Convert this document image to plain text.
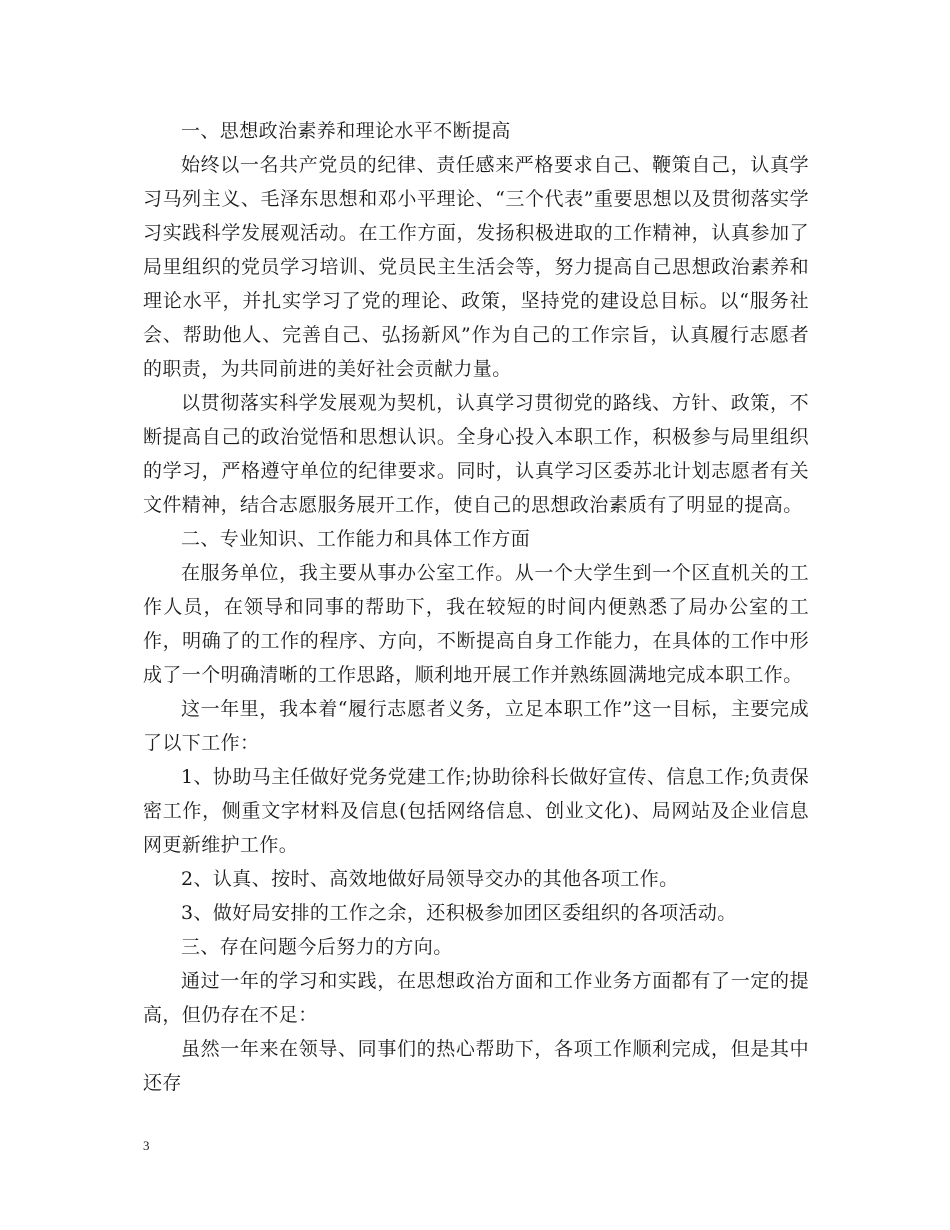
一、思想政治素养和理论水平不断提高

始终以一名共产党员的纪律、责任感来严格要求自己、鞭策自己，认真学习马列主义、毛泽东思想和邓小平理论、“三个代表”重要思想以及贯彻落实学习实践科学发展观活动。在工作方面，发扬积极进取的工作精神，认真参加了局里组织的党员学习培训、党员民主生活会等，努力提高自己思想政治素养和理论水平，并扎实学习了党的理论、政策，坚持党的建设总目标。以“服务社会、帮助他人、完善自己、弘扬新风”作为自己的工作宗旨，认真履行志愿者的职责，为共同前进的美好社会贡献力量。

以贯彻落实科学发展观为契机，认真学习贯彻党的路线、方针、政策，不断提高自己的政治觉悟和思想认识。全身心投入本职工作，积极参与局里组织的学习，严格遵守单位的纪律要求。同时，认真学习区委苏北计划志愿者有关文件精神，结合志愿服务展开工作，使自己的思想政治素质有了明显的提高。

二、专业知识、工作能力和具体工作方面

在服务单位，我主要从事办公室工作。从一个大学生到一个区直机关的工作人员，在领导和同事的帮助下，我在较短的时间内便熟悉了局办公室的工作，明确了的工作的程序、方向，不断提高自身工作能力，在具体的工作中形成了一个明确清晰的工作思路，顺利地开展工作并熟练圆满地完成本职工作。

这一年里，我本着“履行志愿者义务，立足本职工作”这一目标，主要完成了以下工作：

1、协助马主任做好党务党建工作;协助徐科长做好宣传、信息工作;负责保密工作，侧重文字材料及信息(包括网络信息、创业文化)、局网站及企业信息网更新维护工作。

2、认真、按时、高效地做好局领导交办的其他各项工作。

3、做好局安排的工作之余，还积极参加团区委组织的各项活动。

三、存在问题今后努力的方向。

通过一年的学习和实践，在思想政治方面和工作业务方面都有了一定的提高，但仍存在不足：

虽然一年来在领导、同事们的热心帮助下，各项工作顺利完成，但是其中还存

3
